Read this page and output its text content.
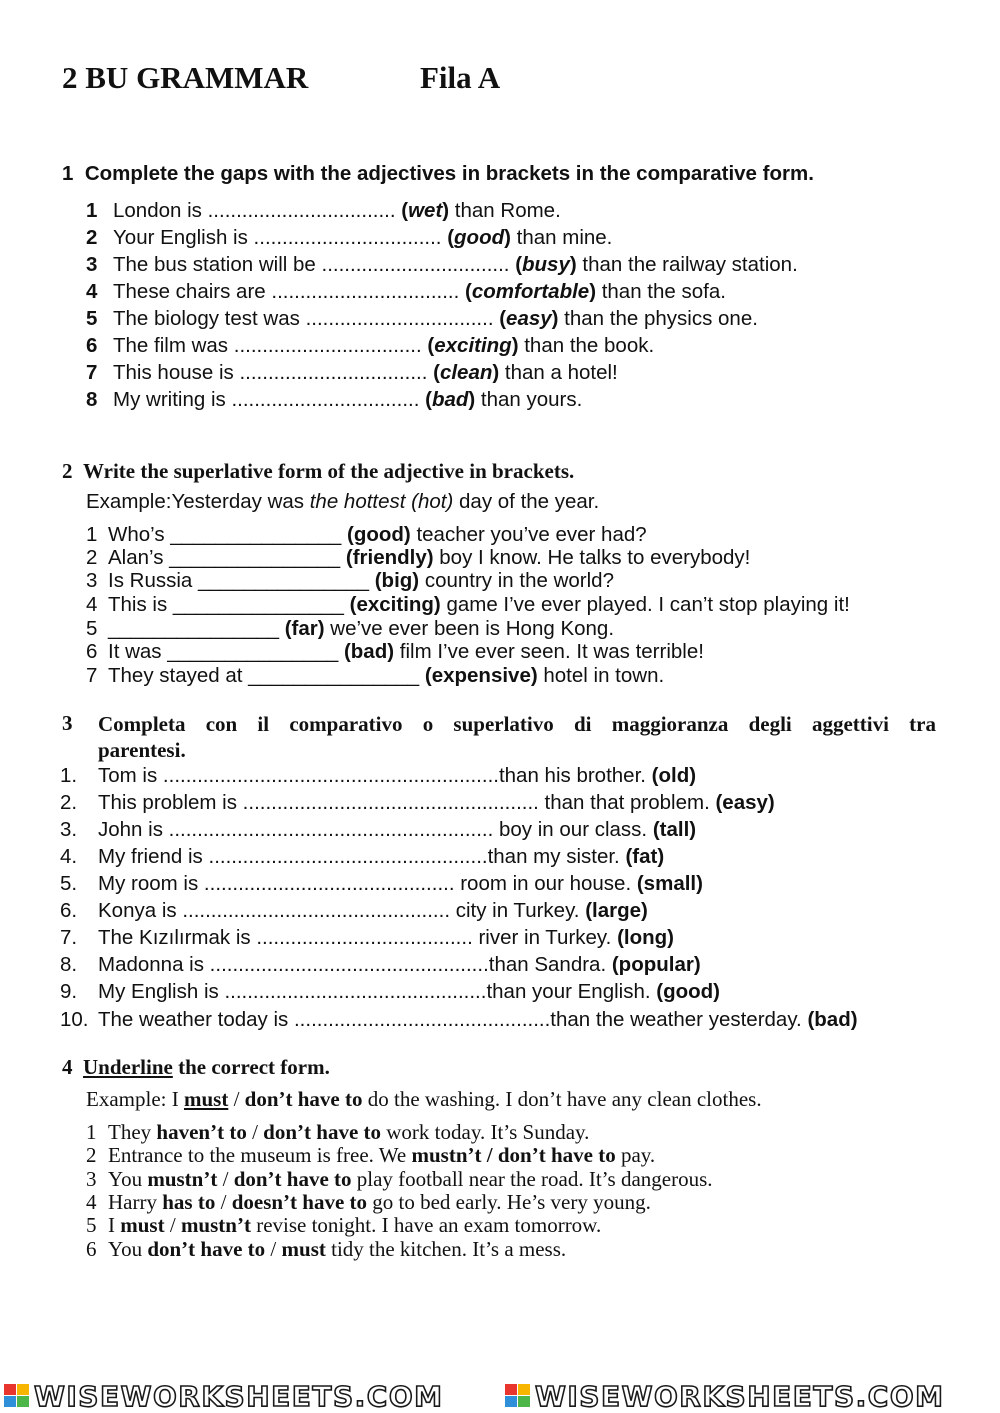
2 BU GRAMMAR	Fila A
1 Complete the gaps with the adjectives in brackets in the comparative form.
1 London is ................................. (wet) than Rome.
2 Your English is ................................. (good) than mine.
3 The bus station will be ................................. (busy) than the railway station.
4 These chairs are ................................. (comfortable) than the sofa.
5 The biology test was ................................. (easy) than the physics one.
6 The film was ................................. (exciting) than the book.
7 This house is ................................. (clean) than a hotel!
8 My writing is ................................. (bad) than yours.
2 Write the superlative form of the adjective in brackets.
Example:Yesterday was the hottest (hot) day of the year.
1 Who’s _______________ (good) teacher you’ve ever had?
2 Alan’s _______________ (friendly) boy I know. He talks to everybody!
3 Is Russia _______________ (big) country in the world?
4 This is _______________ (exciting) game I’ve ever played. I can’t stop playing it!
5 _______________ (far) we’ve ever been is Hong Kong.
6 It was _______________ (bad) film I’ve ever seen. It was terrible!
7 They stayed at _______________ (expensive) hotel in town.
3 Completa con il comparativo o superlativo di maggioranza degli aggettivi tra
parentesi.
1. Tom is ...........................................................than his brother. (old)
2. This problem is .................................................... than that problem. (easy)
3. John is ......................................................... boy in our class. (tall)
4. My friend is .................................................than my sister. (fat)
5. My room is ............................................ room in our house. (small)
6. Konya is ............................................... city in Turkey. (large)
7. The Kızılırmak is ...................................... river in Turkey. (long)
8. Madonna is .................................................than Sandra. (popular)
9. My English is ..............................................than your English. (good)
10. The weather today is .............................................than the weather yesterday. (bad)
4 Underline the correct form.
Example: I must / don’t have to do the washing. I don’t have any clean clothes.
1 They haven’t to / don’t have to work today. It’s Sunday.
2 Entrance to the museum is free. We mustn’t / don’t have to pay.
3 You mustn’t / don’t have to play football near the road. It’s dangerous.
4 Harry has to / doesn’t have to go to bed early. He’s very young.
5 I must / mustn’t revise tonight. I have an exam tomorrow.
6 You don’t have to / must tidy the kitchen. It’s a mess.
WISEWORKSHEETS.COM	WISEWORKSHEETS.COM
